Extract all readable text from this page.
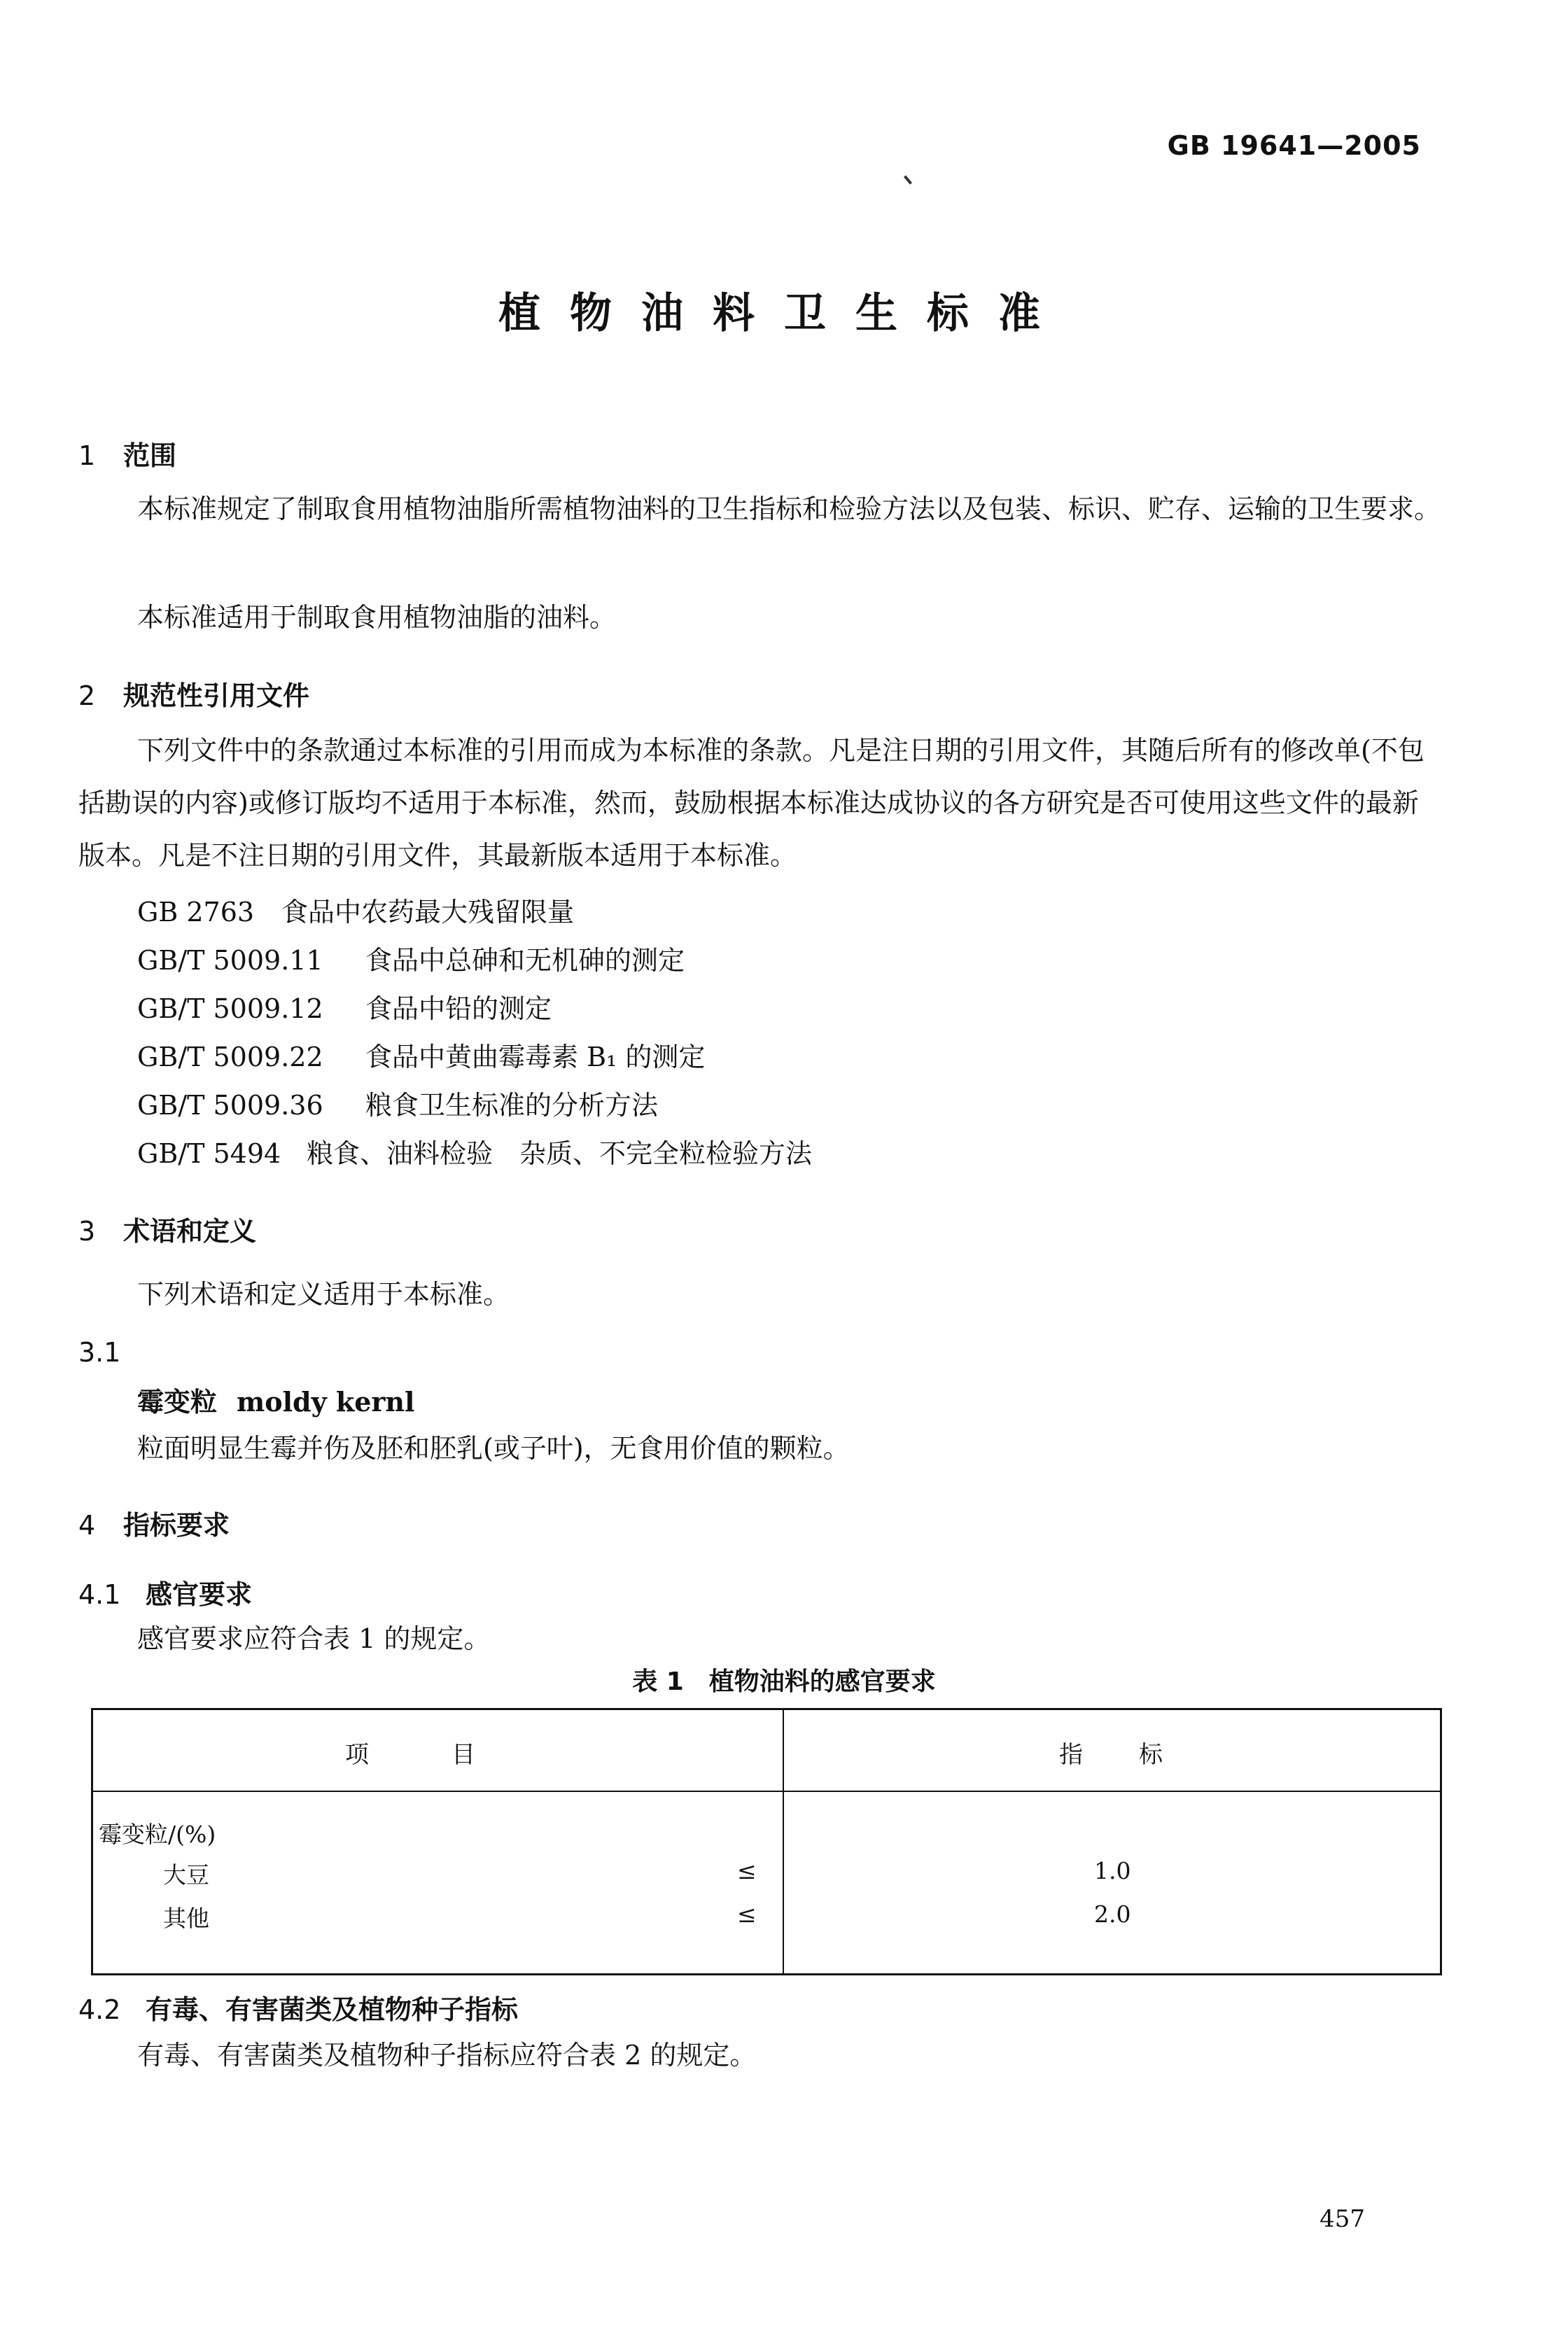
GB 19641—2005
植物油料卫生标准
1 范围
本标准规定了制取食用植物油脂所需植物油料的卫生指标和检验方法以及包装、标识、贮存、运输的卫生要求。
本标准适用于制取食用植物油脂的油料。
2 规范性引用文件
下列文件中的条款通过本标准的引用而成为本标准的条款。凡是注日期的引用文件，其随后所有的修改单(不包括勘误的内容)或修订版均不适用于本标准，然而，鼓励根据本标准达成协议的各方研究是否可使用这些文件的最新版本。凡是不注日期的引用文件，其最新版本适用于本标准。
GB 2763 食品中农药最大残留限量
GB/T 5009.11 食品中总砷和无机砷的测定
GB/T 5009.12 食品中铅的测定
GB/T 5009.22 食品中黄曲霉毒素 B₁ 的测定
GB/T 5009.36 粮食卫生标准的分析方法
GB/T 5494 粮食、油料检验　杂质、不完全粒检验方法
3 术语和定义
下列术语和定义适用于本标准。
3.1
霉变粒 moldy kernl
粒面明显生霉并伤及胚和胚乳(或子叶)，无食用价值的颗粒。
4 指标要求
4.1 感官要求
感官要求应符合表 1 的规定。
表 1　植物油料的感官要求
项　　　目	指　　标
霉变粒/(%)
大豆	≤	1.0
其他	≤	2.0
4.2 有毒、有害菌类及植物种子指标
有毒、有害菌类及植物种子指标应符合表 2 的规定。
457
